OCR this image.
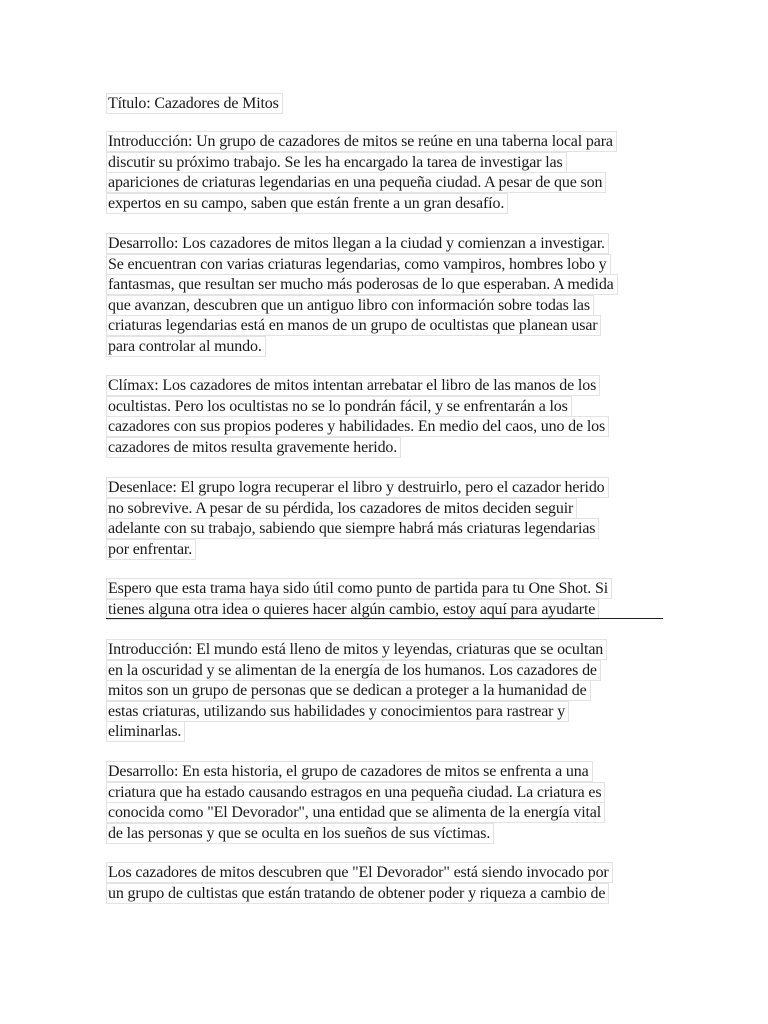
Título: Cazadores de Mitos
Introducción: Un grupo de cazadores de mitos se reúne en una taberna local para
discutir su próximo trabajo. Se les ha encargado la tarea de investigar las
apariciones de criaturas legendarias en una pequeña ciudad. A pesar de que son
expertos en su campo, saben que están frente a un gran desafío.
Desarrollo: Los cazadores de mitos llegan a la ciudad y comienzan a investigar.
Se encuentran con varias criaturas legendarias, como vampiros, hombres lobo y
fantasmas, que resultan ser mucho más poderosas de lo que esperaban. A medida
que avanzan, descubren que un antiguo libro con información sobre todas las
criaturas legendarias está en manos de un grupo de ocultistas que planean usar
para controlar al mundo.
Clímax: Los cazadores de mitos intentan arrebatar el libro de las manos de los
ocultistas. Pero los ocultistas no se lo pondrán fácil, y se enfrentarán a los
cazadores con sus propios poderes y habilidades. En medio del caos, uno de los
cazadores de mitos resulta gravemente herido.
Desenlace: El grupo logra recuperar el libro y destruirlo, pero el cazador herido
no sobrevive. A pesar de su pérdida, los cazadores de mitos deciden seguir
adelante con su trabajo, sabiendo que siempre habrá más criaturas legendarias
por enfrentar.
Espero que esta trama haya sido útil como punto de partida para tu One Shot. Si
tienes alguna otra idea o quieres hacer algún cambio, estoy aquí para ayudarte
Introducción: El mundo está lleno de mitos y leyendas, criaturas que se ocultan
en la oscuridad y se alimentan de la energía de los humanos. Los cazadores de
mitos son un grupo de personas que se dedican a proteger a la humanidad de
estas criaturas, utilizando sus habilidades y conocimientos para rastrear y
eliminarlas.
Desarrollo: En esta historia, el grupo de cazadores de mitos se enfrenta a una
criatura que ha estado causando estragos en una pequeña ciudad. La criatura es
conocida como "El Devorador", una entidad que se alimenta de la energía vital
de las personas y que se oculta en los sueños de sus víctimas.
Los cazadores de mitos descubren que "El Devorador" está siendo invocado por
un grupo de cultistas que están tratando de obtener poder y riqueza a cambio de
